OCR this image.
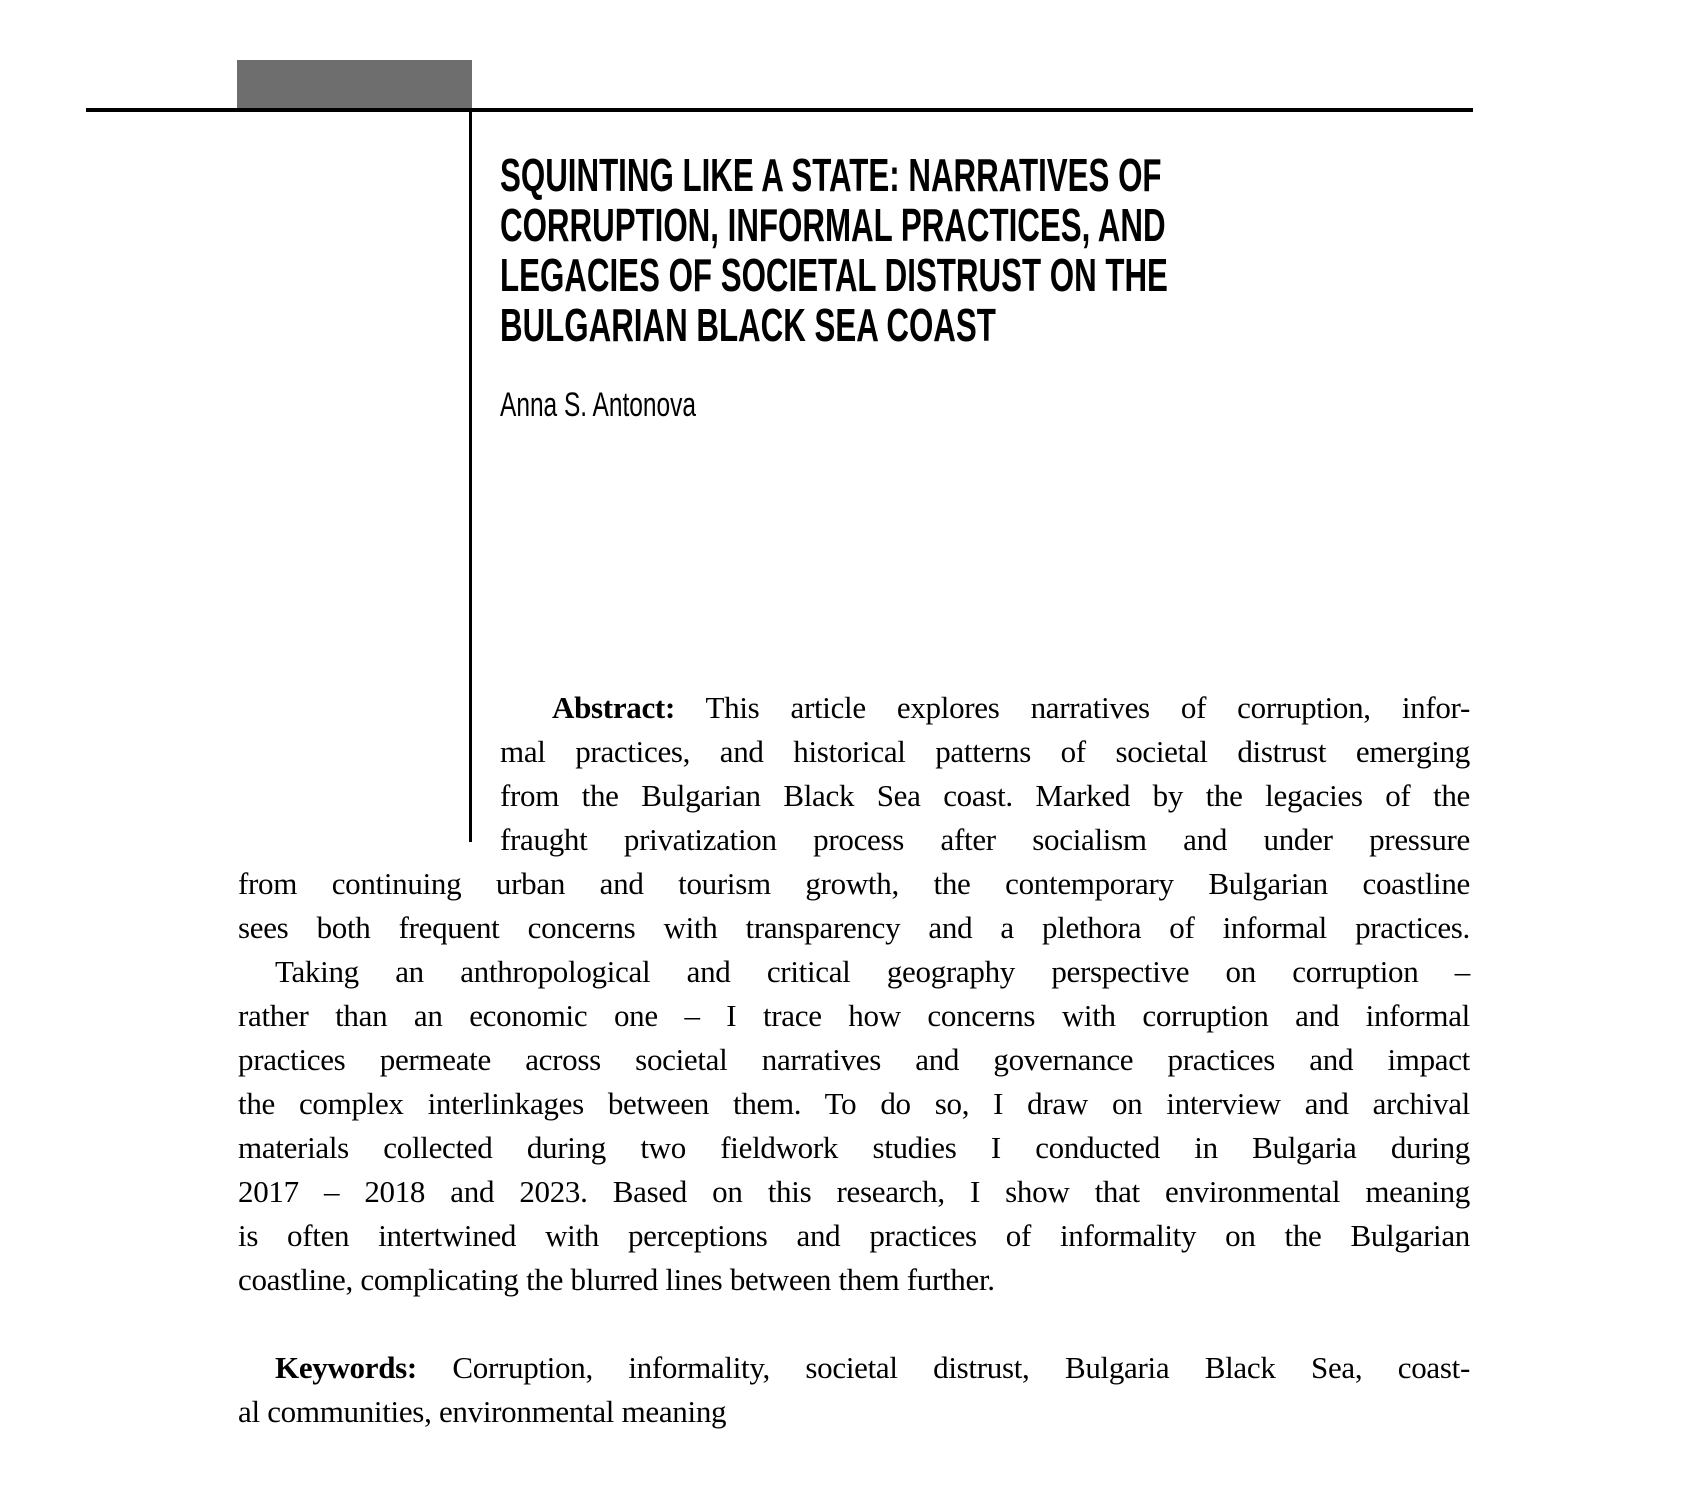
SQUINTING LIKE A STATE: NARRATIVES OF
CORRUPTION, INFORMAL PRACTICES, AND
LEGACIES OF SOCIETAL DISTRUST ON THE
BULGARIAN BLACK SEA COAST
Anna S. Antonova
Abstract: This article explores narratives of corruption, infor-
mal practices, and historical patterns of societal distrust emerging
from the Bulgarian Black Sea coast. Marked by the legacies of the
fraught privatization process after socialism and under pressure
from continuing urban and tourism growth, the contemporary Bulgarian coastline
sees both frequent concerns with transparency and a plethora of informal practices.
Taking an anthropological and critical geography perspective on corruption –
rather than an economic one – I trace how concerns with corruption and informal
practices permeate across societal narratives and governance practices and impact
the complex interlinkages between them. To do so, I draw on interview and archival
materials collected during two fieldwork studies I conducted in Bulgaria during
2017 – 2018 and 2023. Based on this research, I show that environmental meaning
is often intertwined with perceptions and practices of informality on the Bulgarian
coastline, complicating the blurred lines between them further.
Keywords: Corruption, informality, societal distrust, Bulgaria Black Sea, coast-
al communities, environmental meaning
